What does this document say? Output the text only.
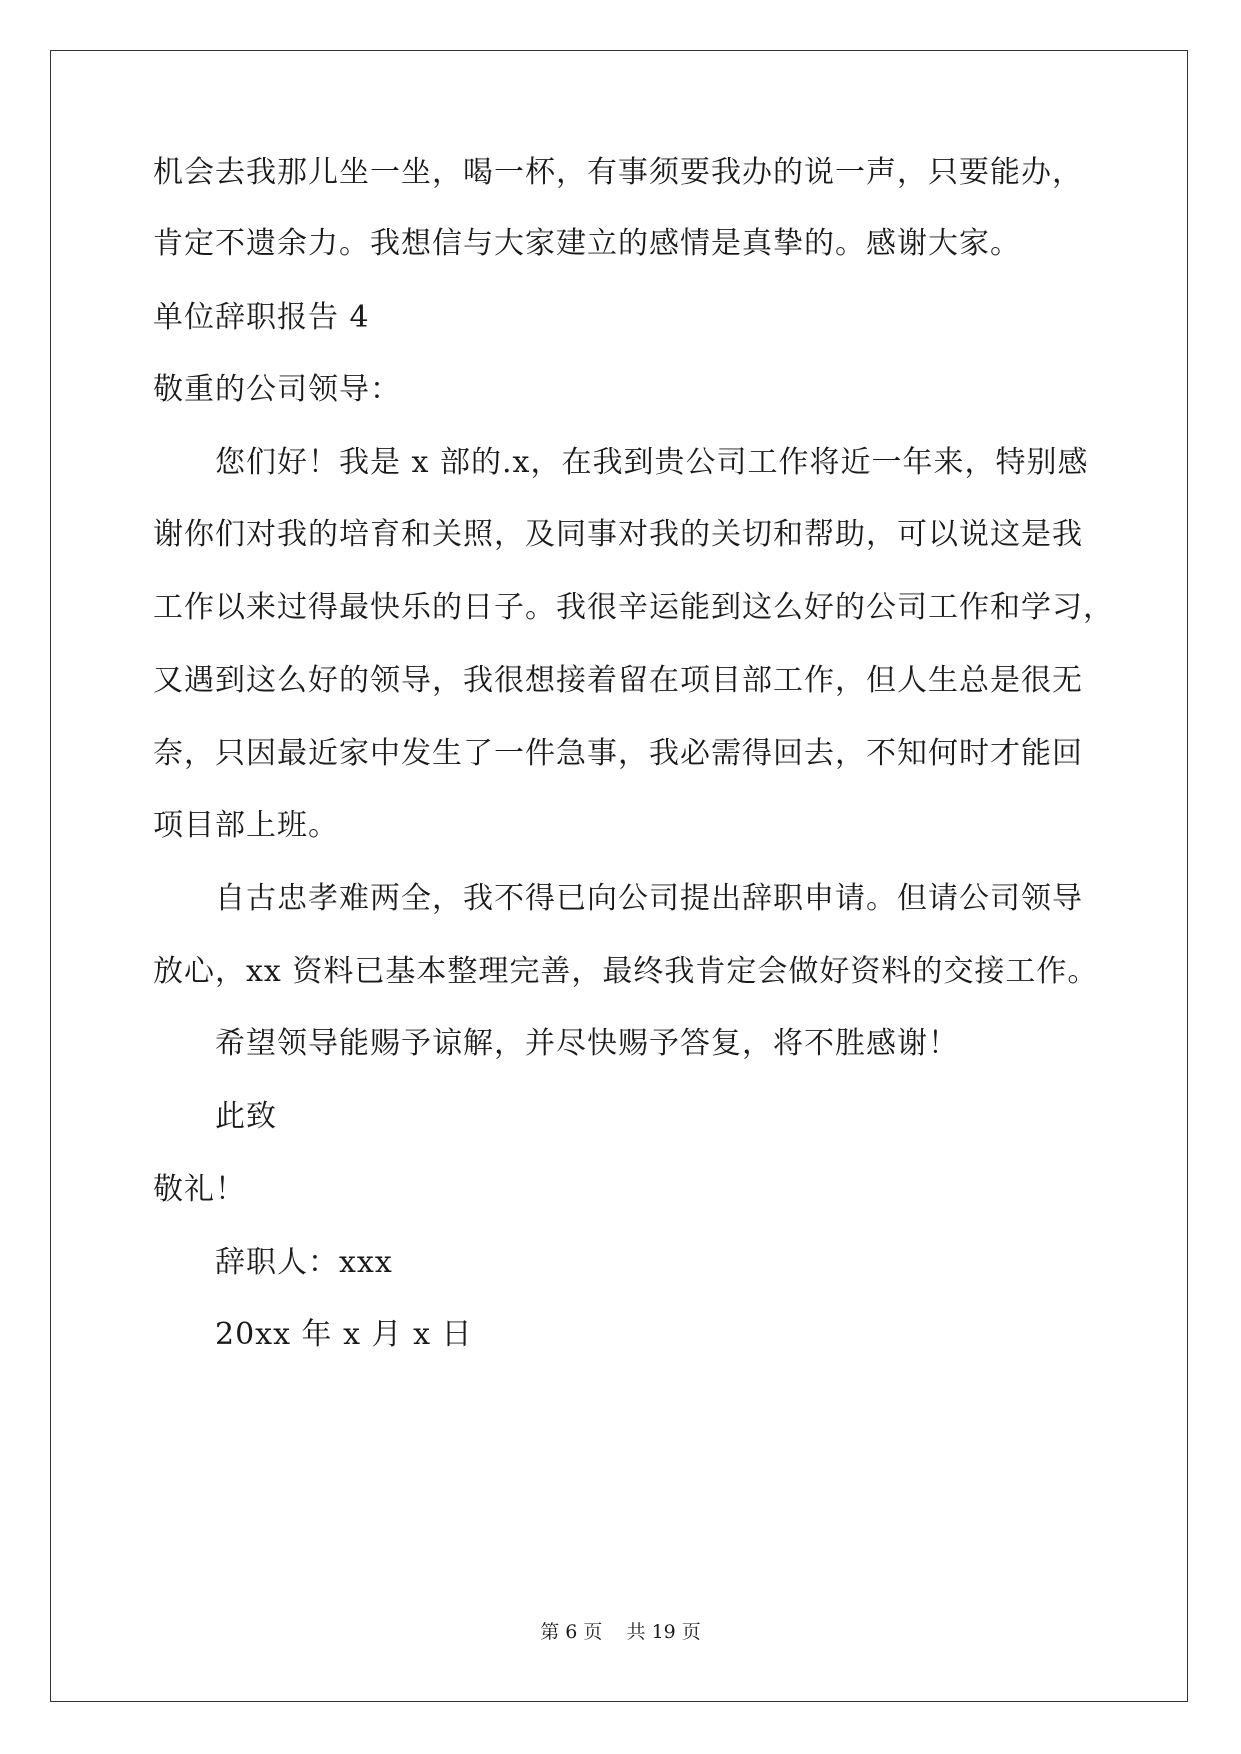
机会去我那儿坐一坐，喝一杯，有事须要我办的说一声，只要能办，
肯定不遗余力。我想信与大家建立的感情是真挚的。感谢大家。
单位辞职报告 4
敬重的公司领导：
您们好！我是 x 部的.x，在我到贵公司工作将近一年来，特别感
谢你们对我的培育和关照，及同事对我的关切和帮助，可以说这是我
工作以来过得最快乐的日子。我很辛运能到这么好的公司工作和学习，
又遇到这么好的领导，我很想接着留在项目部工作，但人生总是很无
奈，只因最近家中发生了一件急事，我必需得回去，不知何时才能回
项目部上班。
自古忠孝难两全，我不得已向公司提出辞职申请。但请公司领导
放心，xx 资料已基本整理完善，最终我肯定会做好资料的交接工作。
希望领导能赐予谅解，并尽快赐予答复，将不胜感谢！
此致
敬礼！
辞职人：xxx
20xx 年 x 月 x 日
第 6 页    共 19 页
